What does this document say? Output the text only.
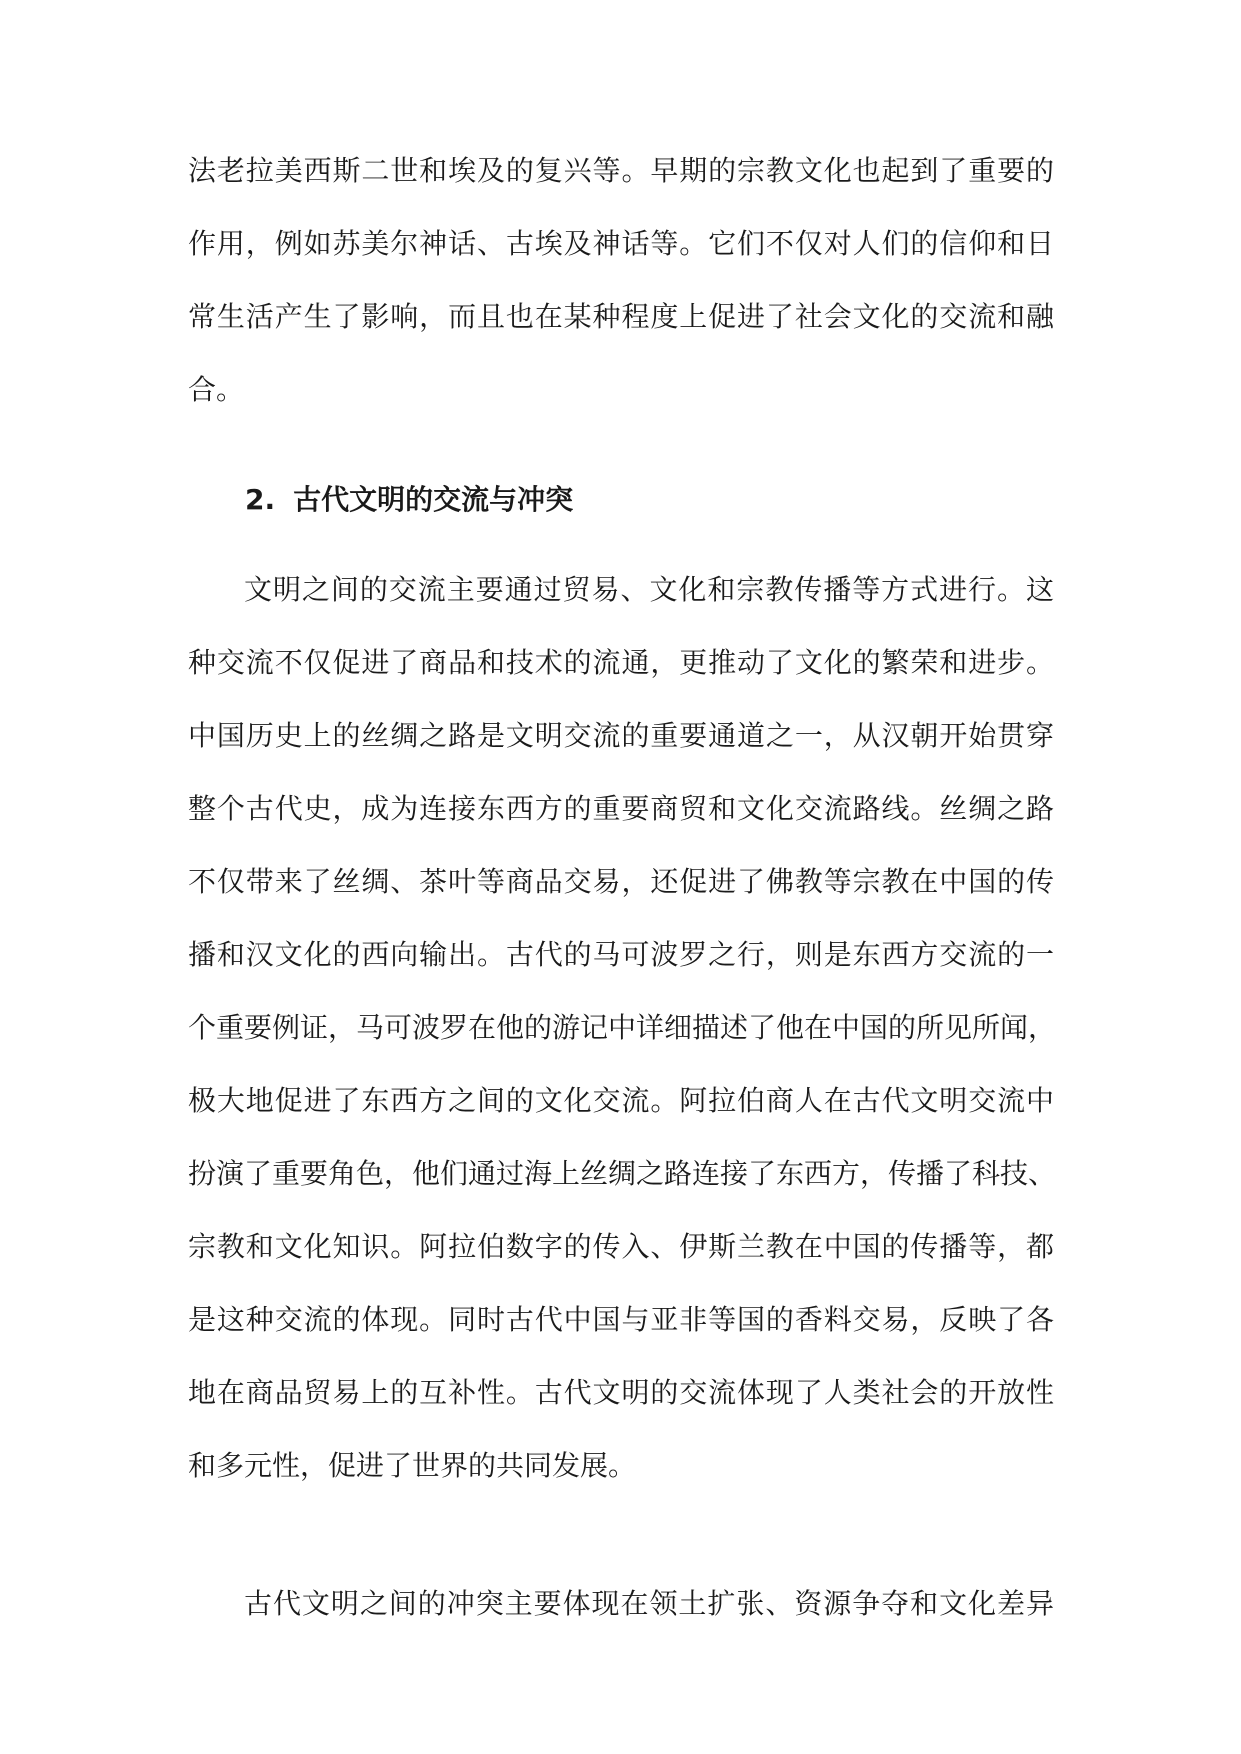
法老拉美西斯二世和埃及的复兴等。早期的宗教文化也起到了重要的
作用，例如苏美尔神话、古埃及神话等。它们不仅对人们的信仰和日
常生活产生了影响，而且也在某种程度上促进了社会文化的交流和融
合。
2. 古代文明的交流与冲突
文明之间的交流主要通过贸易、文化和宗教传播等方式进行。这
种交流不仅促进了商品和技术的流通，更推动了文化的繁荣和进步。
中国历史上的丝绸之路是文明交流的重要通道之一，从汉朝开始贯穿
整个古代史，成为连接东西方的重要商贸和文化交流路线。丝绸之路
不仅带来了丝绸、茶叶等商品交易，还促进了佛教等宗教在中国的传
播和汉文化的西向输出。古代的马可波罗之行，则是东西方交流的一
个重要例证，马可波罗在他的游记中详细描述了他在中国的所见所闻，
极大地促进了东西方之间的文化交流。阿拉伯商人在古代文明交流中
扮演了重要角色，他们通过海上丝绸之路连接了东西方，传播了科技、
宗教和文化知识。阿拉伯数字的传入、伊斯兰教在中国的传播等，都
是这种交流的体现。同时古代中国与亚非等国的香料交易，反映了各
地在商品贸易上的互补性。古代文明的交流体现了人类社会的开放性
和多元性，促进了世界的共同发展。
古代文明之间的冲突主要体现在领土扩张、资源争夺和文化差异
